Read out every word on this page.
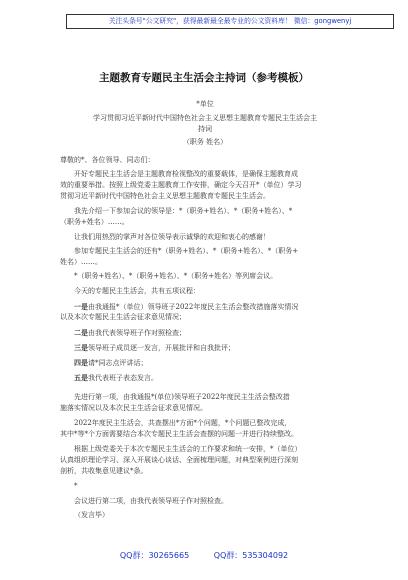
关注头条号"公文研究"，获得最新最全最专业的公文资料库！ 微信：gongwenyj
主题教育专题民主生活会主持词（参考模板）
*单位
学习贯彻习近平新时代中国特色社会主义思想主题教育专题民主生活会主
持词
（职务 姓名）
尊敬的*、各位领导、同志们：
开好专题民主生活会是主题教育检视整改的重要载体，是确保主题教育成
效的重要举措。按照上级党委主题教育工作安排，确定今天召开*（单位）学习
贯彻习近平新时代中国特色社会主义思想主题教育专题民主生活会。
我先介绍一下参加会议的领导是：*（职务+姓名）、*（职务+姓名）、*
（职务+姓名）……。
让我们用热烈的掌声对各位领导表示诚挚的欢迎和衷心的感谢！
参加专题民主生活会的还有*（职务+姓名）、*（职务+姓名）、*（职务+
姓名）……。
*（职务+姓名）、*（职务+姓名）、*（职务+姓名）等列席会议。
今天的专题民主生活会，共有五项议程：
一是由我通报*（单位）领导班子2022年度民主生活会整改措施落实情况
以及本次专题民主生活会征求意见情况；
二是由我代表领导班子作对照检查；
三是领导班子成员逐一发言，开展批评和自我批评；
四是请*同志点评讲话；
五是我代表班子表态发言。
先进行第一项，由我通报*(单位)领导班子2022年度民主生活会整改措
施落实情况以及本次民主生活会征求意见情况。
2022年度民主生活会，共查摆出*方面*个问题，*个问题已整改完成，
其中*等*个方面需要结合本次专题民主生活会查摆的问题一并进行持续整改。
根据上级党委关于本次专题民主生活会的工作要求和统一安排，*（单位）
认真组织理论学习、深入开展谈心谈话、全面梳理问题，对典型案例进行深刻
剖析，共收集意见建议*条。
*
会议进行第二项，由我代表领导班子作对照检查。
（发言毕）
QQ群：30265665	QQ群：535304092
